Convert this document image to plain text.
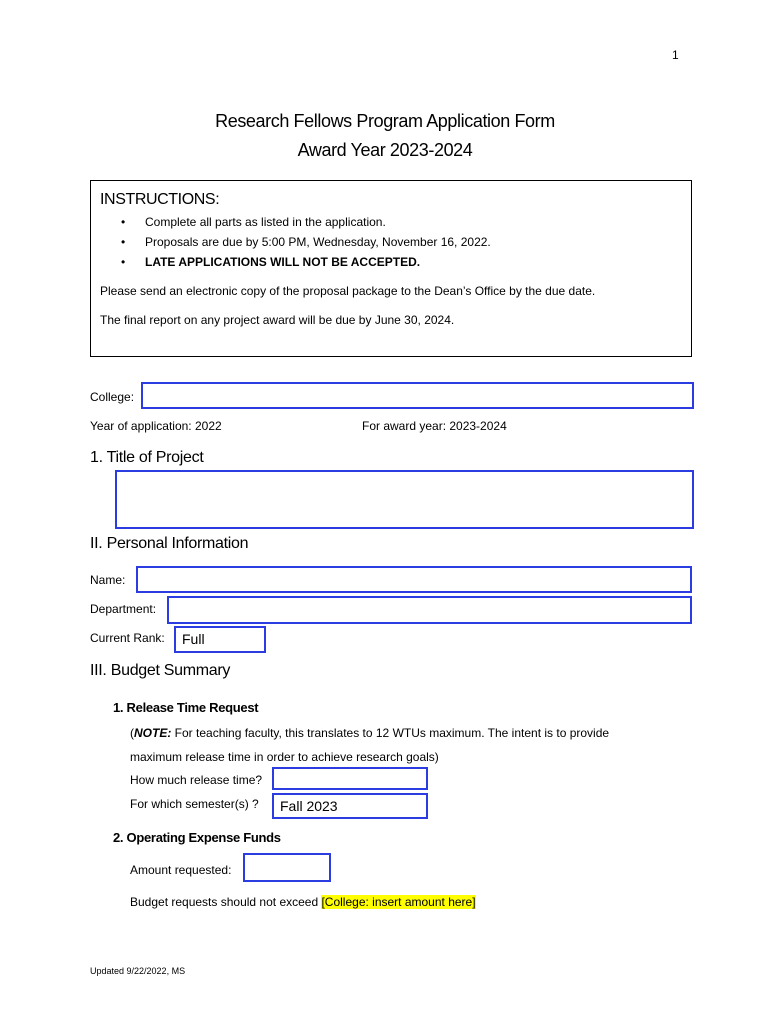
1
Research Fellows Program Application Form
Award Year 2023-2024
INSTRUCTIONS:
• Complete all parts as listed in the application.
• Proposals are due by 5:00 PM, Wednesday, November 16, 2022.
• LATE APPLICATIONS WILL NOT BE ACCEPTED.
Please send an electronic copy of the proposal package to the Dean’s Office by the due date.
The final report on any project award will be due by June 30, 2024.
College:
Year of application: 2022	For award year: 2023-2024
1. Title of Project
II. Personal Information
Name:
Department:
Current Rank:	Full
III. Budget Summary
1. Release Time Request
(NOTE: For teaching faculty, this translates to 12 WTUs maximum. The intent is to provide
maximum release time in order to achieve research goals)
How much release time?
For which semester(s) ?	Fall 2023
2. Operating Expense Funds
Amount requested:
Budget requests should not exceed [College: insert amount here]
Updated 9/22/2022, MS
